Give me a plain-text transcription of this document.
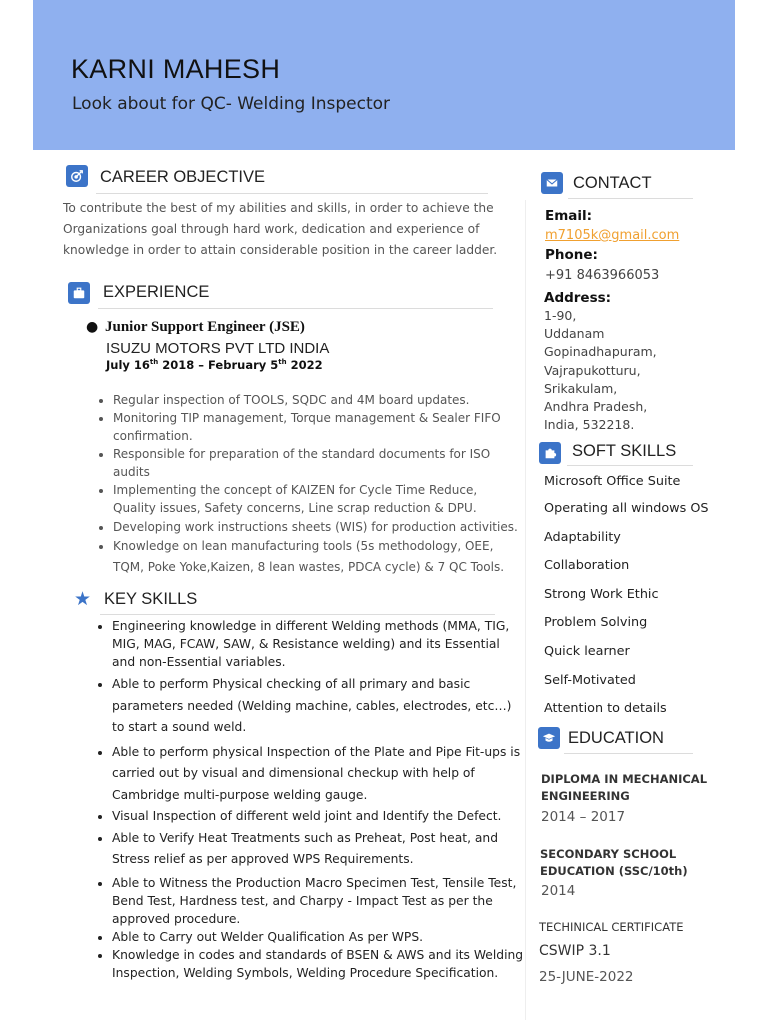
KARNI MAHESH
Look about for QC- Welding Inspector
CAREER OBJECTIVE
To contribute the best of my abilities and skills, in order to achieve the
Organizations goal through hard work, dedication and experience of
knowledge in order to attain considerable position in the career ladder.
EXPERIENCE
● Junior Support Engineer (JSE)
ISUZU MOTORS PVT LTD INDIA
July 16th 2018 – February 5th 2022
• Regular inspection of TOOLS, SQDC and 4M board updates.
• Monitoring TIP management, Torque management & Sealer FIFO confirmation.
• Responsible for preparation of the standard documents for ISO audits
• Implementing the concept of KAIZEN for Cycle Time Reduce, Quality issues, Safety concerns, Line scrap reduction & DPU.
• Developing work instructions sheets (WIS) for production activities.
• Knowledge on lean manufacturing tools (5s methodology, OEE, TQM, Poke Yoke,Kaizen, 8 lean wastes, PDCA cycle) & 7 QC Tools.
★ KEY SKILLS
• Engineering knowledge in different Welding methods (MMA, TIG, MIG, MAG, FCAW, SAW, & Resistance welding) and its Essential and non-Essential variables.
• Able to perform Physical checking of all primary and basic parameters needed (Welding machine, cables, electrodes, etc…) to start a sound weld.
• Able to perform physical Inspection of the Plate and Pipe Fit-ups is carried out by visual and dimensional checkup with help of Cambridge multi-purpose welding gauge.
• Visual Inspection of different weld joint and Identify the Defect.
• Able to Verify Heat Treatments such as Preheat, Post heat, and Stress relief as per approved WPS Requirements.
• Able to Witness the Production Macro Specimen Test, Tensile Test, Bend Test, Hardness test, and Charpy - Impact Test as per the approved procedure.
• Able to Carry out Welder Qualification As per WPS.
• Knowledge in codes and standards of BSEN & AWS and its Welding Inspection, Welding Symbols, Welding Procedure Specification.
CONTACT
Email:
m7105k@gmail.com
Phone:
+91 8463966053
Address:
1-90,
Uddanam
Gopinadhapuram,
Vajrapukotturu,
Srikakulam,
Andhra Pradesh,
India, 532218.
SOFT SKILLS
Microsoft Office Suite
Operating all windows OS
Adaptability
Collaboration
Strong Work Ethic
Problem Solving
Quick learner
Self-Motivated
Attention to details
EDUCATION
DIPLOMA IN MECHANICAL
ENGINEERING
2014 – 2017
SECONDARY SCHOOL
EDUCATION (SSC/10th)
2014
TECHINICAL CERTIFICATE
CSWIP 3.1
25-JUNE-2022
